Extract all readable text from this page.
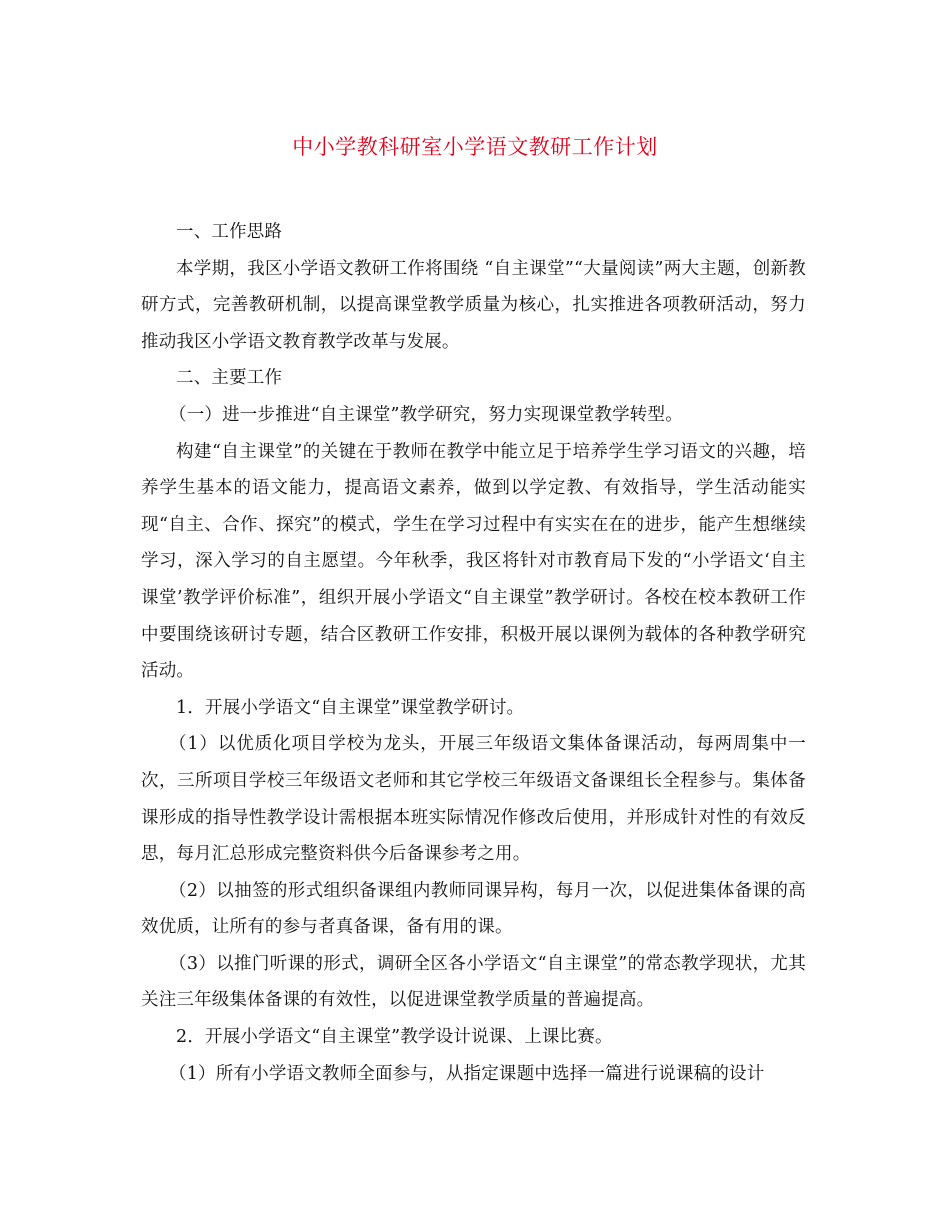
中小学教科研室小学语文教研工作计划

一、工作思路

本学期，我区小学语文教研工作将围绕 “自主课堂”“大量阅读”两大主题，创新教研方式，完善教研机制，以提高课堂教学质量为核心，扎实推进各项教研活动，努力推动我区小学语文教育教学改革与发展。

二、主要工作

（一）进一步推进“自主课堂”教学研究，努力实现课堂教学转型。

构建“自主课堂”的关键在于教师在教学中能立足于培养学生学习语文的兴趣，培养学生基本的语文能力，提高语文素养，做到以学定教、有效指导，学生活动能实现“自主、合作、探究”的模式，学生在学习过程中有实实在在的进步，能产生想继续学习，深入学习的自主愿望。今年秋季，我区将针对市教育局下发的“小学语文‘自主课堂’教学评价标准”，组织开展小学语文“自主课堂”教学研讨。各校在校本教研工作中要围绕该研讨专题，结合区教研工作安排，积极开展以课例为载体的各种教学研究活动。

1．开展小学语文“自主课堂”课堂教学研讨。

（1）以优质化项目学校为龙头，开展三年级语文集体备课活动，每两周集中一次，三所项目学校三年级语文老师和其它学校三年级语文备课组长全程参与。集体备课形成的指导性教学设计需根据本班实际情况作修改后使用，并形成针对性的有效反思，每月汇总形成完整资料供今后备课参考之用。

（2）以抽签的形式组织备课组内教师同课异构，每月一次，以促进集体备课的高效优质，让所有的参与者真备课，备有用的课。

（3）以推门听课的形式，调研全区各小学语文“自主课堂”的常态教学现状，尤其关注三年级集体备课的有效性，以促进课堂教学质量的普遍提高。

2．开展小学语文“自主课堂”教学设计说课、上课比赛。

（1）所有小学语文教师全面参与，从指定课题中选择一篇进行说课稿的设计
